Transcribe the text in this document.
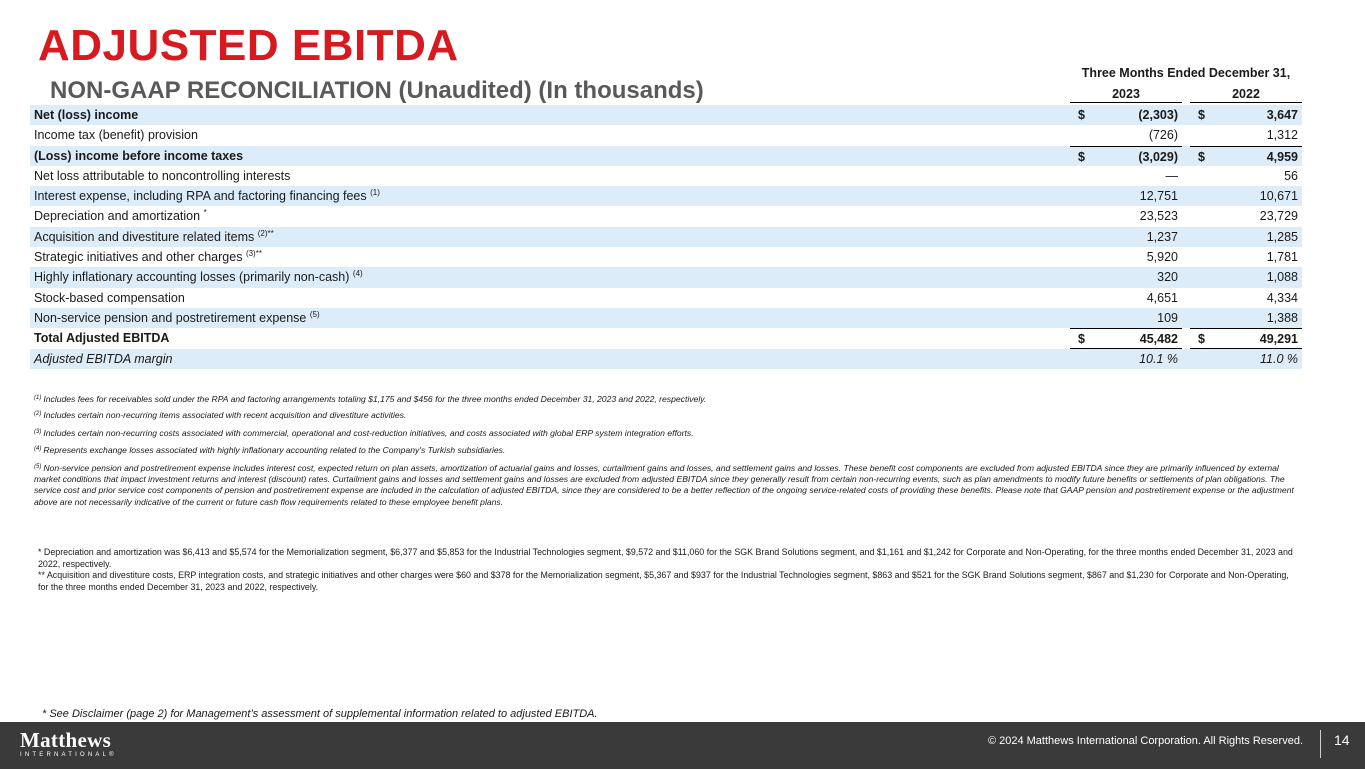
ADJUSTED EBITDA
NON-GAAP RECONCILIATION (Unaudited) (In thousands)
Three Months Ended December 31,
2023	2022
Net (loss) income	$	(2,303) $	3,647
Income tax (benefit) provision	(726)	1,312
(Loss) income before income taxes	$	(3,029) $	4,959
Net loss attributable to noncontrolling interests	—	56
Interest expense, including RPA and factoring financing fees $^{(1)}$	12,751	10,671
Depreciation and amortization *	23,523	23,729
Acquisition and divestiture related items $^{(2)**}$	1,237	1,285
Strategic initiatives and other charges $^{(3)**}$	5,920	1,781
Highly inflationary accounting losses (primarily non-cash) $^{(4)}$	320	1,088
Stock-based compensation	4,651	4,334
Non-service pension and postretirement expense $^{(5)}$	109	1,388
Total Adjusted EBITDA	$	45,482 $	49,291
Adjusted EBITDA margin	10.1 %	11.0 %

$^{(1)}$ Includes fees for receivables sold under the RPA and factoring arrangements totaling $1,175 and $456 for the three months ended December 31, 2023 and 2022, respectively.

$^{(2)}$ Includes certain non-recurring items associated with recent acquisition and divestiture activities.

$^{(3)}$ Includes certain non-recurring costs associated with commercial, operational and cost-reduction initiatives, and costs associated with global ERP system integration efforts.

$^{(4)}$ Represents exchange losses associated with highly inflationary accounting related to the Company's Turkish subsidiaries.

$^{(5)}$ Non-service pension and postretirement expense includes interest cost, expected return on plan assets, amortization of actuarial gains and losses, curtailment gains and losses, and settlement gains and losses. These benefit cost components are excluded from adjusted EBITDA since they are primarily influenced by external market conditions that impact investment returns and interest (discount) rates. Curtailment gains and losses and settlement gains and losses are excluded from adjusted EBITDA since they generally result from certain non-recurring events, such as plan amendments to modify future benefits or settlements of plan obligations. The service cost and prior service cost components of pension and postretirement expense are included in the calculation of adjusted EBITDA, since they are considered to be a better reflection of the ongoing service-related costs of providing these benefits. Please note that GAAP pension and postretirement expense or the adjustment above are not necessarily indicative of the current or future cash flow requirements related to these employee benefit plans.

* Depreciation and amortization was $6,413 and $5,574 for the Memorialization segment, $6,377 and $5,853 for the Industrial Technologies segment, $9,572 and $11,060 for the SGK Brand Solutions segment, and $1,161 and $1,242 for Corporate and Non-Operating, for the three months ended December 31, 2023 and 2022, respectively.

** Acquisition and divestiture costs, ERP integration costs, and strategic initiatives and other charges were $60 and $378 for the Memorialization segment, $5,367 and $937 for the Industrial Technologies segment, $863 and $521 for the SGK Brand Solutions segment, $867 and $1,230 for Corporate and Non-Operating, for the three months ended December 31, 2023 and 2022, respectively.

* See Disclaimer (page 2) for Management’s assessment of supplemental information related to adjusted EBITDA.

Matthews
INTERNATIONAL®
© 2024 Matthews International Corporation. All Rights Reserved. 14
